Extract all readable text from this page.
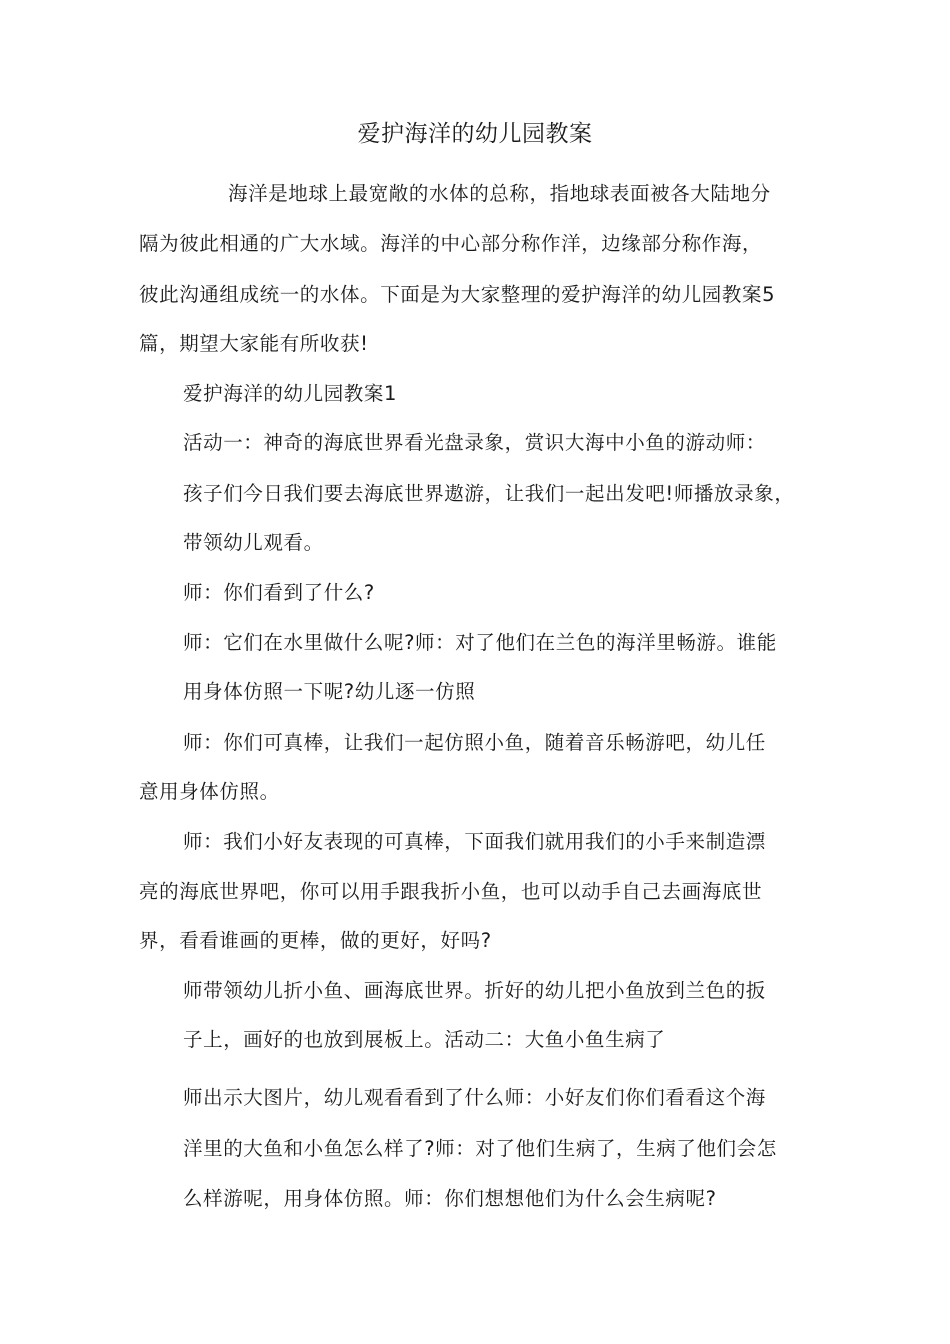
爱护海洋的幼儿园教案
海洋是地球上最宽敞的水体的总称，指地球表面被各大陆地分
隔为彼此相通的广大水域。海洋的中心部分称作洋，边缘部分称作海，
彼此沟通组成统一的水体。下面是为大家整理的爱护海洋的幼儿园教案5
篇，期望大家能有所收获!
爱护海洋的幼儿园教案1
活动一：神奇的海底世界看光盘录象，赏识大海中小鱼的游动师：
孩子们今日我们要去海底世界遨游，让我们一起出发吧!师播放录象，
带领幼儿观看。
师：你们看到了什么?
师：它们在水里做什么呢?师：对了他们在兰色的海洋里畅游。谁能
用身体仿照一下呢?幼儿逐一仿照
师：你们可真棒，让我们一起仿照小鱼，随着音乐畅游吧，幼儿任
意用身体仿照。
师：我们小好友表现的可真棒，下面我们就用我们的小手来制造漂
亮的海底世界吧，你可以用手跟我折小鱼，也可以动手自己去画海底世
界，看看谁画的更棒，做的更好，好吗?
师带领幼儿折小鱼、画海底世界。折好的幼儿把小鱼放到兰色的扳
子上，画好的也放到展板上。活动二：大鱼小鱼生病了
师出示大图片，幼儿观看看到了什么师：小好友们你们看看这个海
洋里的大鱼和小鱼怎么样了?师：对了他们生病了，生病了他们会怎
么样游呢，用身体仿照。师：你们想想他们为什么会生病呢?
